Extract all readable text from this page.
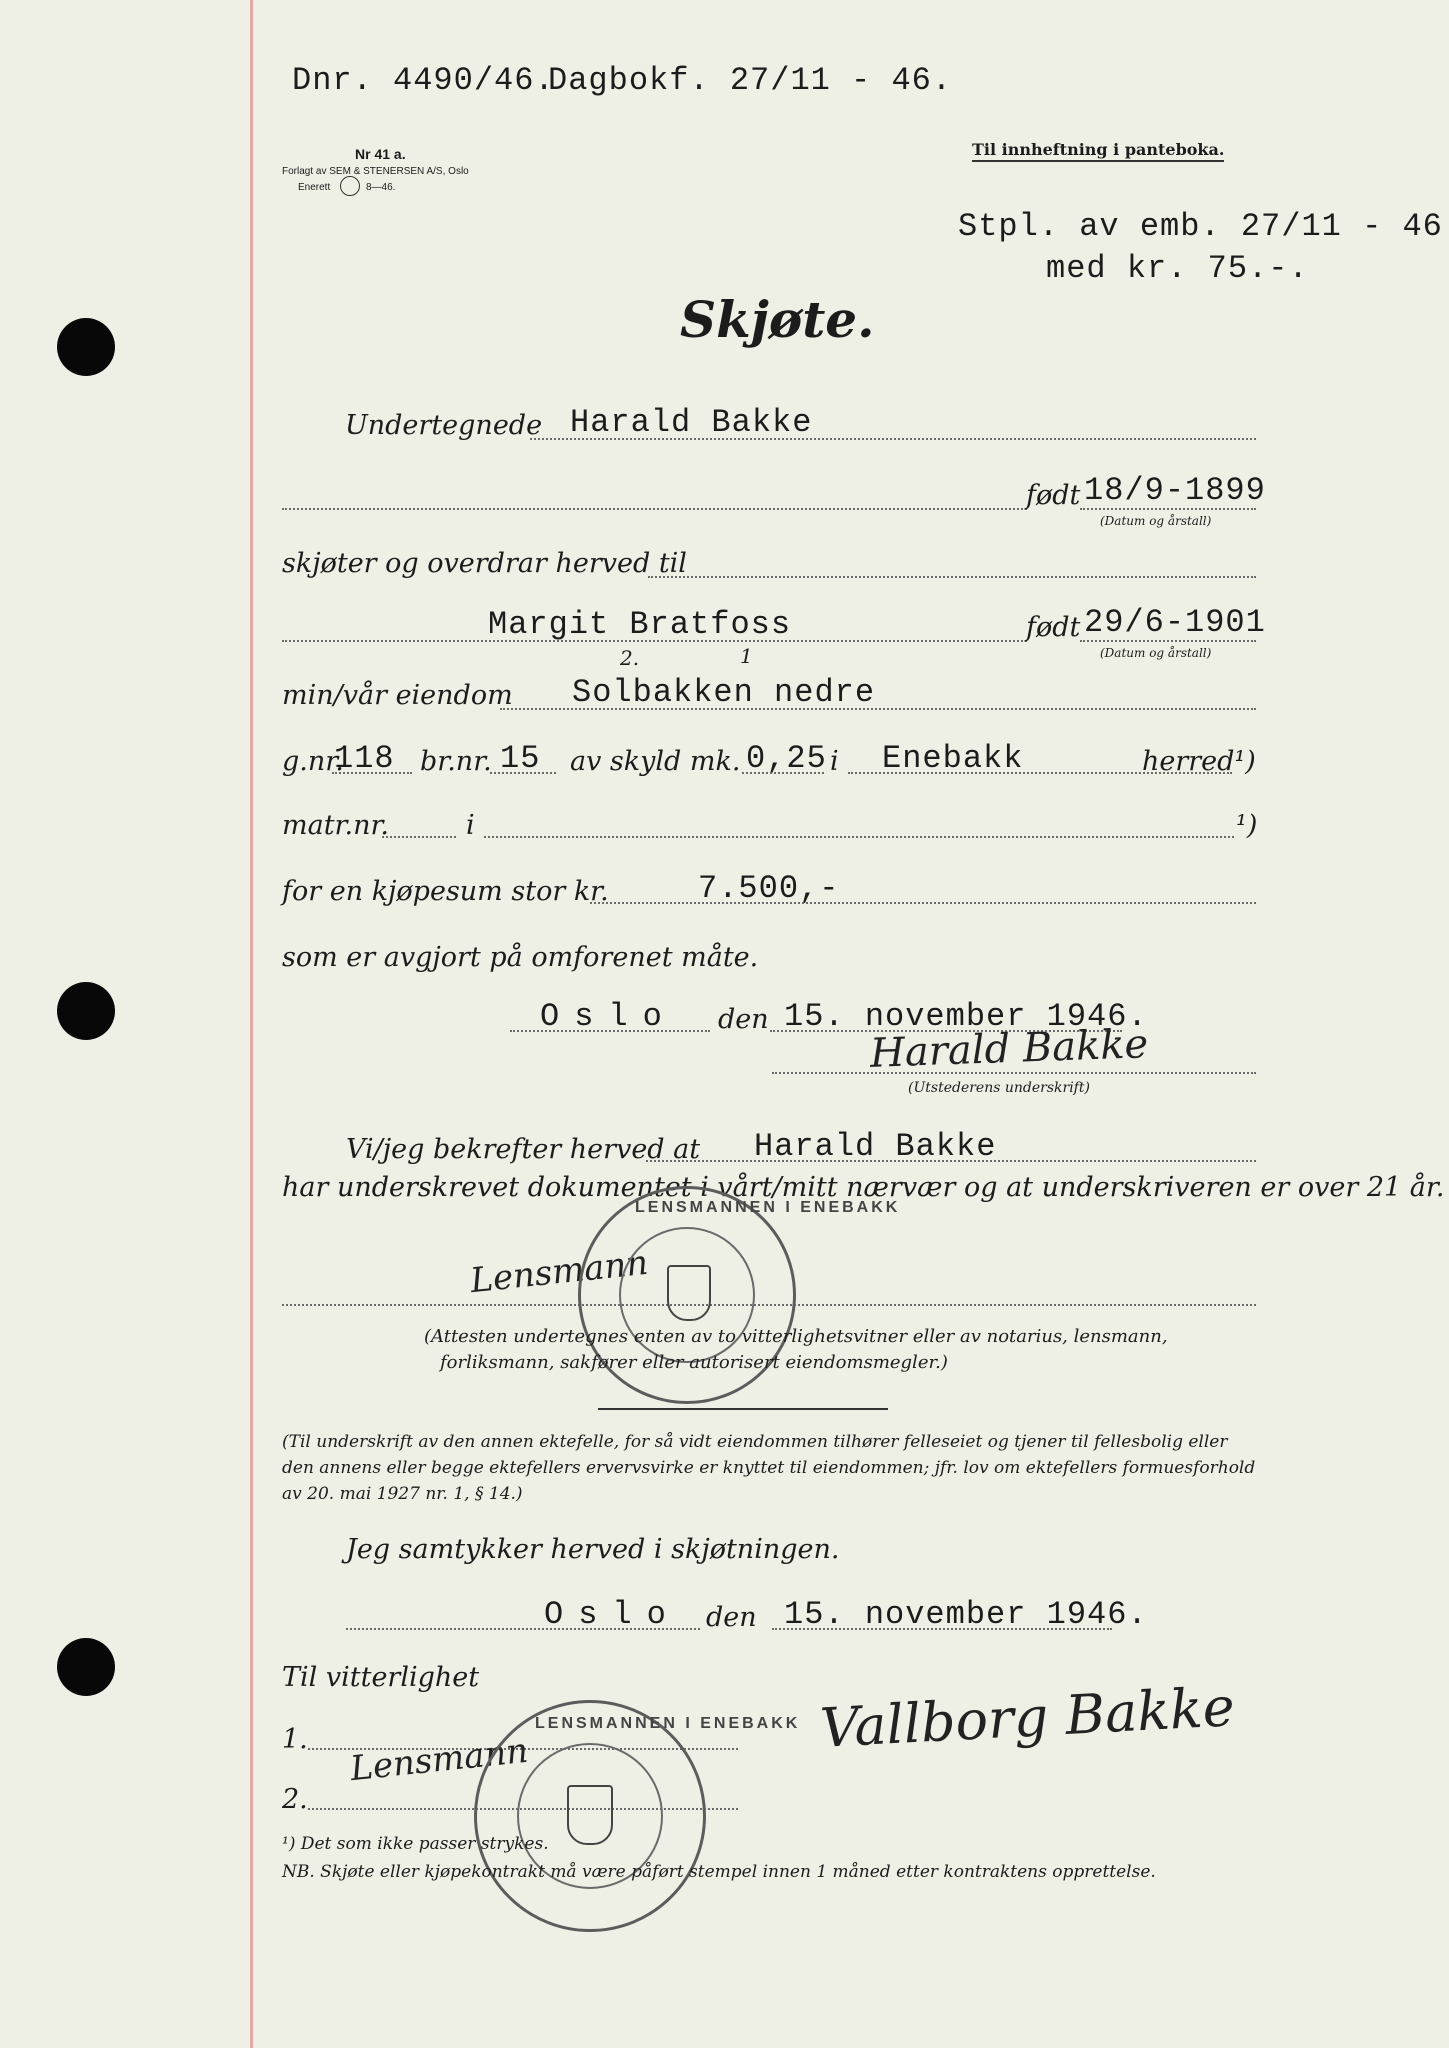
Dnr. 4490/46.
Dagbokf. 27/11 - 46.
Nr 41 a.
Forlagt av SEM & STENERSEN A/S, Oslo
Enerett	8—46.
Til innheftning i panteboka.
Stpl. av emb. 27/11 - 46
med kr. 75.-.
Skjøte.
Undertegnede Harald Bakke
født 18/9-1899
(Datum og årstall)
skjøter og overdrar herved til
Margit Bratfoss	født 29/6-1901
(Datum og årstall)
2.	1
min/vår eiendom Solbakken nedre
g.nr.
118 br.nr. 15 av skyld mk. 0,25 i Enebakk	herred¹)
matr.nr.	i	¹)
for en kjøpesum stor kr.	7.500,-
som er avgjort på omforenet måte.
Oslo den 15. november 1946.
Harald Bakke
(Utstederens underskrift)
Vi/jeg bekrefter herved at Harald Bakke
har underskrevet dokumentet i vårt/mitt nærvær og at underskriveren er over 21 år.
Lensmann
LENSMANNEN I ENEBAKK
(Attesten undertegnes enten av to vitterlighetsvitner eller av notarius, lensmann,
forliksmann, sakfører eller autorisert eiendomsmegler.)
(Til underskrift av den annen ektefelle, for så vidt eiendommen tilhører felleseiet og tjener til fellesbolig eller
den annens eller begge ektefellers ervervsvirke er knyttet til eiendommen; jfr. lov om ektefellers formuesforhold
av 20. mai 1927 nr. 1, § 14.)
Jeg samtykker herved i skjøtningen.
Oslo den 15. november 1946.
Til vitterlighet
1.
2.
Lensmann
Vallborg Bakke
LENSMANNEN I ENEBAKK
¹) Det som ikke passer strykes.
NB. Skjøte eller kjøpekontrakt må være påført stempel innen 1 måned etter kontraktens opprettelse.
